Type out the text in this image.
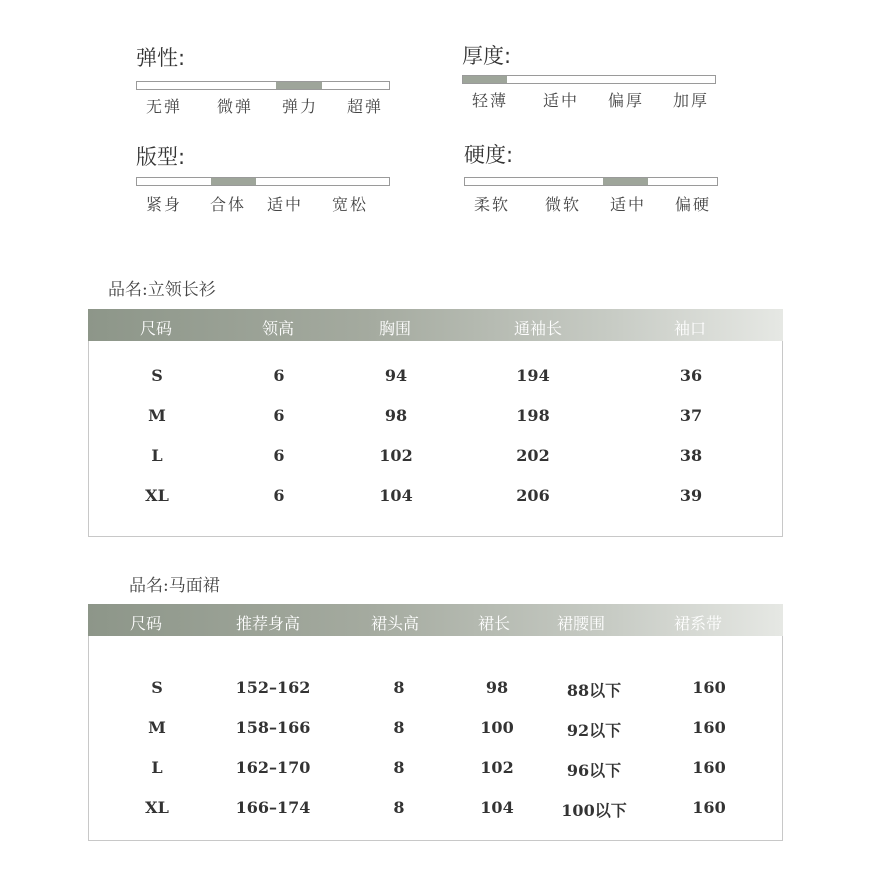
弹性:
无弹 微弹 弹力 超弹
厚度:
轻薄 适中 偏厚 加厚
版型:
紧身 合体 适中 宽松
硬度:
柔软 微软 适中 偏硬
品名:立领长衫
尺码	领高	胸围	通袖长	袖口
S	6	94	194	36
M	6	98	198	37
L	6	102	202	38
XL	6	104	206	39
品名:马面裙
尺码	推荐身高	裙头高	裙长	裙腰围	裙系带
S	152–162	8	98	88以下	160
M	158–166	8	100	92以下	160
L	162–170	8	102	96以下	160
XL	166–174	8	104	100以下	160
